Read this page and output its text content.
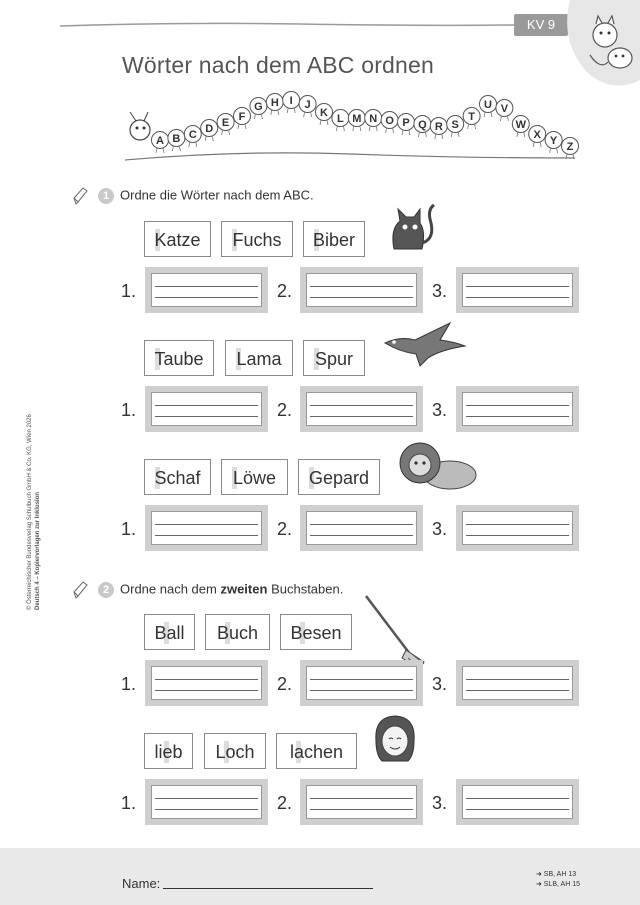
KV 9
Wörter nach dem ABC ordnen
A B C D E F
G H I J
K L M N O P Q R S
T
U V
W
X Y Z
© Österreichischer Bundesverlag Schulbuch GmbH & Co. KG, Wien 2026 Deutsch 4 – Kopiervorlagen zur Inklusion
1 Ordne die Wörter nach dem ABC.
2 Ordne nach dem zweiten Buchstaben.
Katze	Fuchs	Biber
1.	2.	3.
Taube	Lama	Spur
1.	2.	3.
Schaf	Löwe	Gepard
1.	2.	3.
Ball	Buch	Besen
1.	2.	3.
lieb	Loch	lachen
1.	2.	3.
Name:
➜ SB, AH 13
➜ SLB, AH 15
